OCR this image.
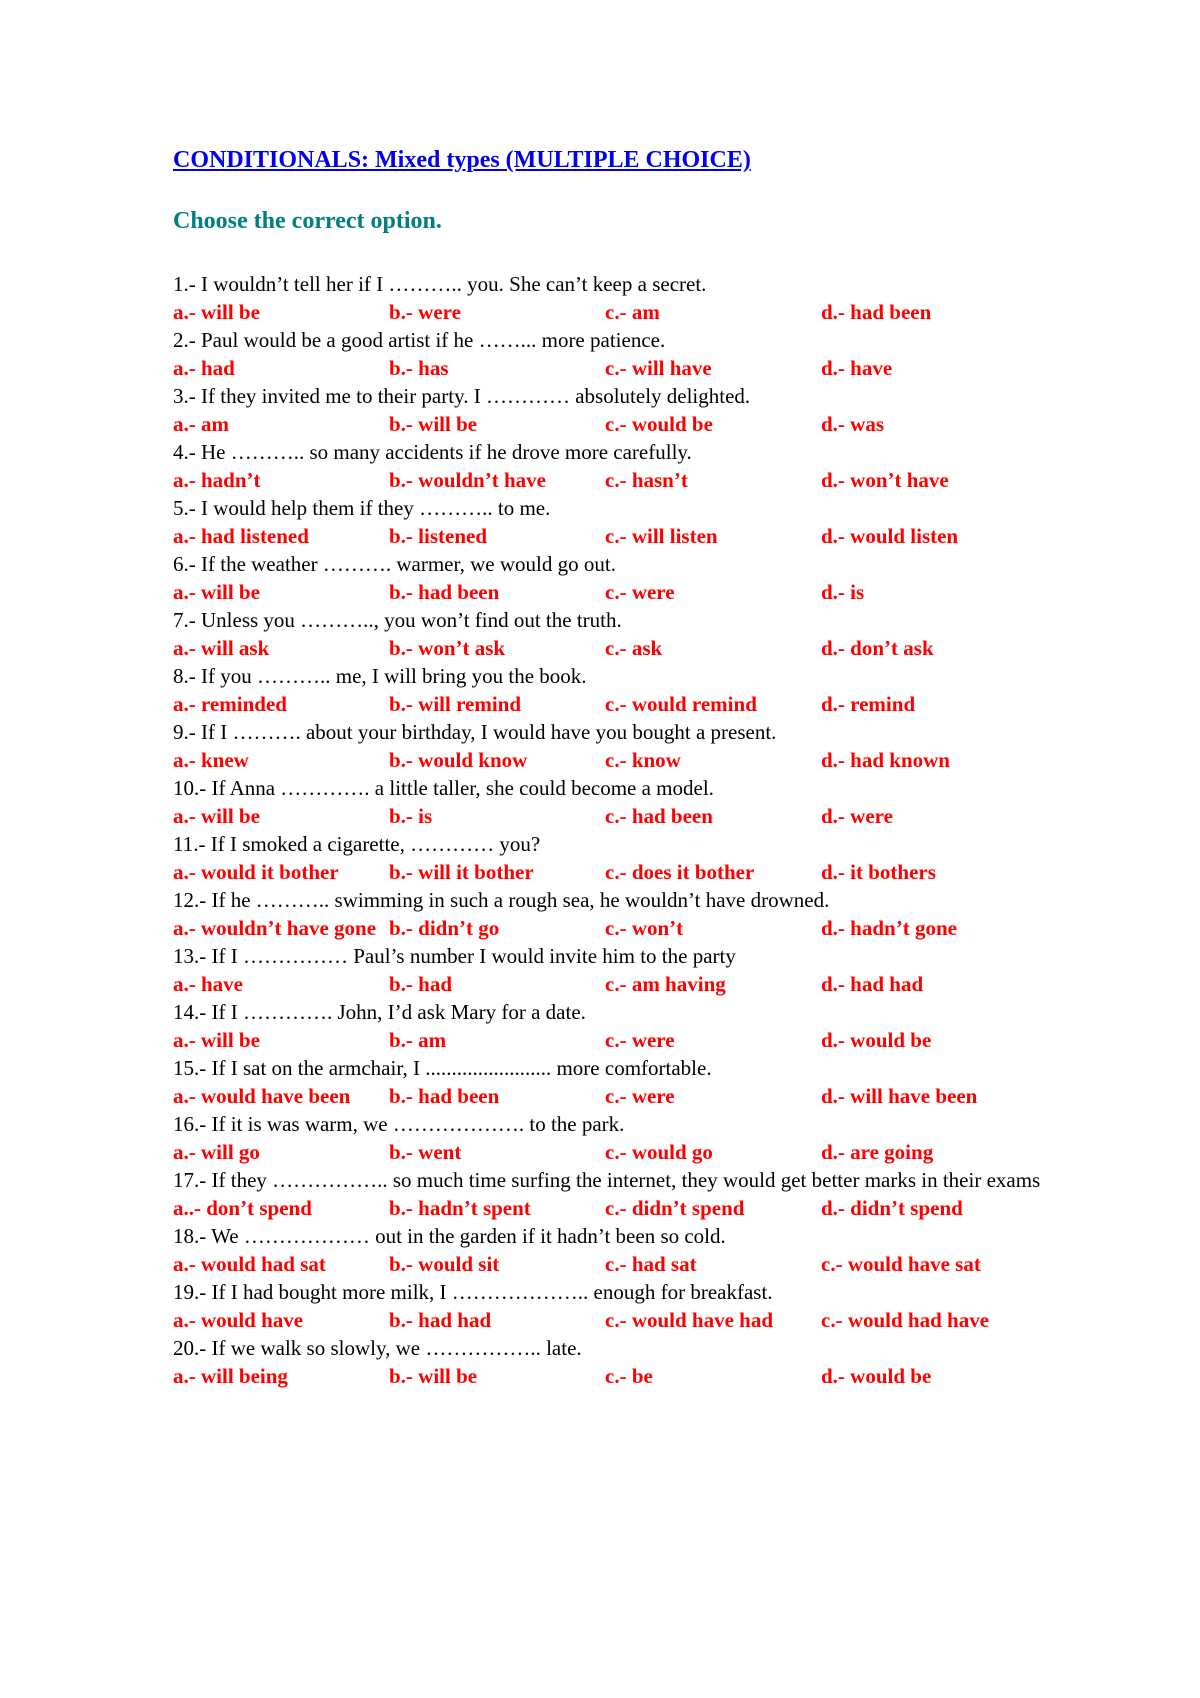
CONDITIONALS: Mixed types (MULTIPLE CHOICE)
Choose the correct option.
1.- I wouldn’t tell her if I ……….. you. She can’t keep a secret.
a.- will be	b.- were	c.- am	d.- had been
2.- Paul would be a good artist if he ……... more patience.
a.- had	b.- has	c.- will have	d.- have
3.- If they invited me to their party. I ………… absolutely delighted.
a.- am	b.- will be	c.- would be	d.- was
4.- He ……….. so many accidents if he drove more carefully.
a.- hadn’t	b.- wouldn’t have	c.- hasn’t	d.- won’t have
5.- I would help them if they ……….. to me.
a.- had listened	b.- listened	c.- will listen	d.- would listen
6.- If the weather ………. warmer, we would go out.
a.- will be	b.- had been	c.- were	d.- is
7.- Unless you ……….., you won’t find out the truth.
a.- will ask	b.- won’t ask	c.- ask	d.- don’t ask
8.- If you ……….. me, I will bring you the book.
a.- reminded	b.- will remind	c.- would remind	d.- remind
9.- If I ………. about your birthday, I would have you bought a present.
a.- knew	b.- would know	c.- know	d.- had known
10.- If Anna …………. a little taller, she could become a model.
a.- will be	b.- is	c.- had been	d.- were
11.- If I smoked a cigarette, ………… you?
a.- would it bother	b.- will it bother	c.- does it bother	d.- it bothers
12.- If he ……….. swimming in such a rough sea, he wouldn’t have drowned.
a.- wouldn’t have gone b.- didn’t go	c.- won’t	d.- hadn’t gone
13.- If I …………… Paul’s number I would invite him to the party
a.- have	b.- had	c.- am having	d.- had had
14.- If I …………. John, I’d ask Mary for a date.
a.- will be	b.- am	c.- were	d.- would be
15.- If I sat on the armchair, I ........................ more comfortable.
a.- would have been	b.- had been	c.- were	d.- will have been
16.- If it is was warm, we ………………. to the park.
a.- will go	b.- went	c.- would go	d.- are going
17.- If they …………….. so much time surfing the internet, they would get better marks in their exams
a..- don’t spend	b.- hadn’t spent	c.- didn’t spend	d.- didn’t spend
18.- We ……………… out in the garden if it hadn’t been so cold.
a.- would had sat	b.- would sit	c.- had sat	c.- would have sat
19.- If I had bought more milk, I ……………….. enough for breakfast.
a.- would have	b.- had had	c.- would have had	c.- would had have
20.- If we walk so slowly, we …………….. late.
a.- will being	b.- will be	c.- be	d.- would be
